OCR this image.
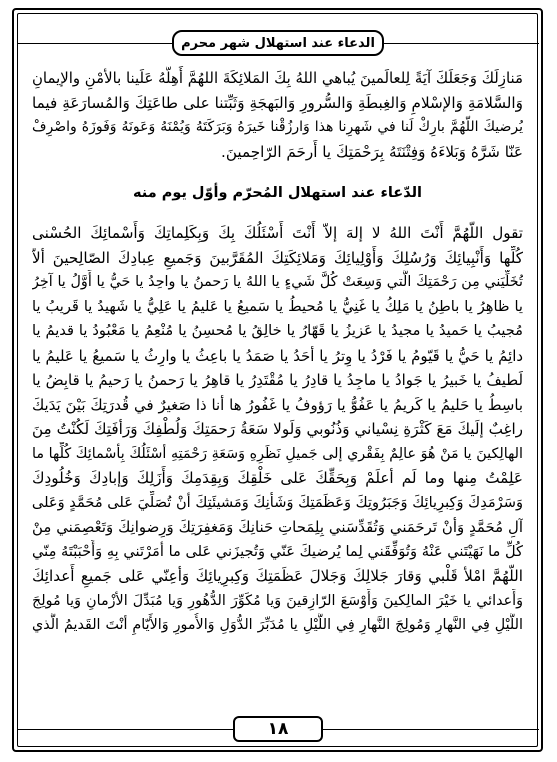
الدعاء عند استهلال شهر محرم

مَنازِلَكَ وَجَعَلَكَ آيَةً لِلعالَمينَ يُباهي اللهُ بِكَ المَلائِكَةَ اللهُمَّ أَهِلَّهُ عَلَينا بالأمْنِ والإيمانِ
وَالسَّلامَةِ وَالإسْلامِ وَالغِبطَةِ وَالسُّرورِ وَالبَهجَةِ وَثَبِّتنا على طاعَتِكَ وَالمُسارَعَةِ فيما
يُرضيكَ اللّهُمَّ بارِكْ لَنا في شَهرِنا هذا وَارزُقْنا خَيرَهُ وَبَرَكَتَهُ وَيُمْنَهُ وَعَونَهُ وَفَوزَهُ واصْرِفْ
عَنّا شَرَّهُ وَبَلاءَهُ وَفِتْنَتَهُ بِرَحْمَتِكَ يا أَرحَمَ الرّاحِمينَ.

الدّعاء عند استهلال المُحرّم وأوّل يوم منه

تقول اللّهُمَّ أَنْتَ اللهُ لا إلهَ إلاّ أَنْتَ أَسْئَلُكَ بِكَ وَبِكَلِماتِكَ وَأَسْمائِكَ الحُسْنى
كُلِّها وَأَنْبِيائِكَ وَرُسُلِكَ وَأَوْلِيائِكَ وَمَلائِكَتِكَ المُقَرَّبينَ وَجَميعِ عِبادِكَ الصّالِحينَ ألاّ
تُخَلِّيَني مِن رَحْمَتِكَ الَّتي وَسِعَتْ كُلَّ شَيءٍ يا اللهُ يا رَحمنُ يا واحِدُ يا حَيُّ يا أَوَّلُ يا آخِرُ
يا ظاهِرُ يا باطِنُ يا مَلِكُ يا غَنِيُّ يا مُحيطُ يا سَميعُ يا عَليمُ يا عَلِيُّ يا شَهيدُ يا قَريبُ يا
مُجيبُ يا حَميدُ يا مجيدُ يا عَزيزُ يا قَهّارُ يا خالِقُ يا مُحسِنُ يا مُنْعِمُ يا مَعْبُودُ يا قديمُ يا
دائِمُ يا حَيُّ يا قَيّومُ يا فَرْدُ يا وِترُ يا أحَدُ يا صَمَدُ يا باعِثُ يا وارِثُ يا سَميعُ يا عَليمُ يا
لَطيفُ يا خَبيرُ يا جَوادُ يا ماجِدُ يا قادِرُ يا مُقْتَدِرُ يا قاهِرُ يا رَحمنُ يا رَحيمُ يا قابِضُ يا
باسِطُ يا حَليمُ يا كَريمُ يا عَفُوُّ يا رَؤوفُ يا غَفُورُ ها أنا ذا صَغيرٌ في قُدرَتِكَ بَيْنَ يَدَيكَ
راغِبٌ إلَيكَ مَعَ كَثْرَةِ نِسْياني وَذُنُوبي وَلَولا سَعَةُ رَحمَتِكَ وَلُطْفِكَ وَرَأفَتِكَ لَكُنْتُ مِنَ
الهالِكينَ يا مَنْ هُوَ عالِمٌ بِفَقْري إلى جَميلِ نَظَرِهِ وَسَعَةِ رَحْمَتِهِ أسْئَلُكَ بِأسْمائِكَ كُلِّها ما
عَلِمْتُ مِنها وما لَم أعلَمْ وَبِحَقِّكَ عَلى خَلْقِكَ وَبِقِدَمِكَ وَأَزَلِكَ وَإبادِكَ وَخُلُودِكَ
وَسَرْمَدِكَ وَكِبرِيائِكَ وَجَبَرُوتِكَ وَعَظَمَتِكَ وَشَأنِكَ وَمَشيئَتِكَ أنْ تُصَلِّيَ عَلى مُحَمَّدٍ وَعَلى
آلِ مُحَمَّدٍ وَأنْ تَرحَمَني وَتُقَدِّسَني بِلِمَحاتِ حَنانِكَ وَمَغفِرَتِكَ وَرِضوانِكَ وَتَعْصِمَني مِنْ
كُلِّ ما نَهَيْتَني عَنْهُ وَتُوَفِّقَني لِما يُرضيكَ عَنّي وَتُجيزَني عَلى ما أمَرْتَني بِهِ وَأَحْبَبْتَهُ مِنّي
اللّهُمَّ امْلأ قَلْبي وَقارَ جَلالِكَ وَجَلالَ عَظَمَتِكَ وَكِبرِيائِكَ وَأعِنّي عَلى جَميعِ أَعدائِكَ
وَأَعدائي يا خَيْرَ المالِكينَ وَأَوْسَعَ الرّازِقينَ وَيا مُكَوِّرَ الدُّهُورِ وَيا مُبَدِّلَ الأزْمانِ وَيا مُولِجَ
اللَّيْلِ فِي النَّهارِ وَمُولِجَ النَّهارِ فِي اللَّيْلِ يا مُدَبِّرَ الدُّوَلِ وَالأُمورِ وَالأَيّامِ أنْتَ القَديمُ الَّذي

١٨
